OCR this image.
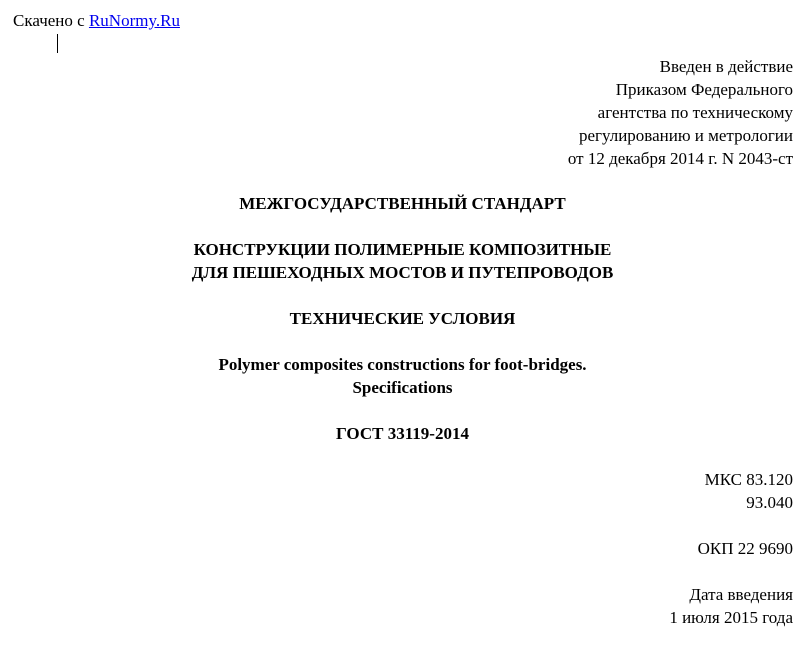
Скачено с RuNormy.Ru
Введен в действие
Приказом Федерального
агентства по техническому
регулированию и метрологии
от 12 декабря 2014 г. N 2043-ст
МЕЖГОСУДАРСТВЕННЫЙ СТАНДАРТ
КОНСТРУКЦИИ ПОЛИМЕРНЫЕ КОМПОЗИТНЫЕ
ДЛЯ ПЕШЕХОДНЫХ МОСТОВ И ПУТЕПРОВОДОВ
ТЕХНИЧЕСКИЕ УСЛОВИЯ
Polymer composites constructions for foot-bridges.
Specifications
ГОСТ 33119-2014
МКС 83.120
93.040
ОКП 22 9690
Дата введения
1 июля 2015 года
